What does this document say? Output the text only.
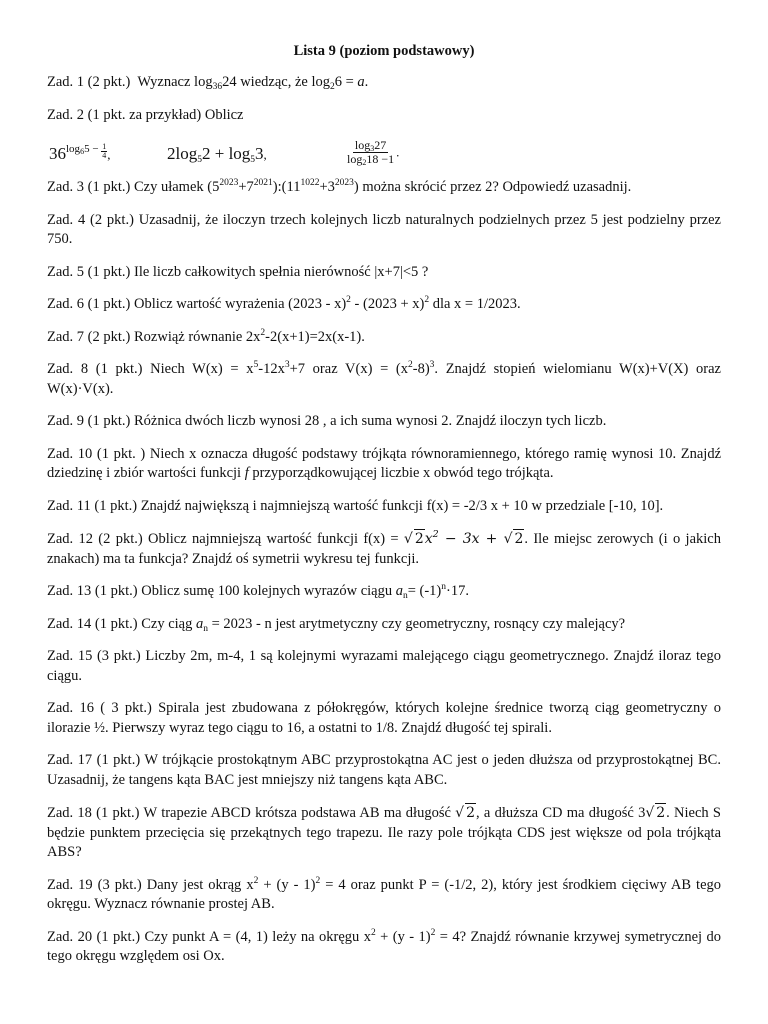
Lista 9 (poziom podstawowy)

Zad. 1 (2 pkt.) Wyznacz $\log_{36}24$ wiedząc, że $\log_26 = a$.

Zad. 2 (1 pkt. za przykład) Oblicz

$36^{log_65 - \frac{1}{4}}$ ,	$2\log_52 + \log_53$,	$\frac{\log_327}{\log_218 -1}$ .

Zad. 3 (1 pkt.) Czy ułamek $(5^{2023}+7^{2021}):(11^{1022}+3^{2023})$ można skrócić przez 2? Odpowiedź uzasadnij.

Zad. 4 (2 pkt.) Uzasadnij, że iloczyn trzech kolejnych liczb naturalnych podzielnych przez 5 jest podzielny przez 750.

Zad. 5 (1 pkt.) Ile liczb całkowitych spełnia nierówność |x+7|<5 ?

Zad. 6 (1 pkt.) Oblicz wartość wyrażenia $(2023 - x)^2 - (2023 + x)^2$ dla x = 1/2023.

Zad. 7 (2 pkt.) Rozwiąż równanie $2x^2-2(x+1)=2x(x-1)$.

Zad. 8 (1 pkt.) Niech $W(x) = x^5-12x^3+7$ oraz $V(x) = (x^2-8)^3$. Znajdź stopień wielomianu W(x)+V(X) oraz W(x)·V(x).

Zad. 9 (1 pkt.) Różnica dwóch liczb wynosi 28 , a ich suma wynosi 2. Znajdź iloczyn tych liczb.

Zad. 10 (1 pkt. ) Niech x oznacza długość podstawy trójkąta równoramiennego, którego ramię wynosi 10. Znajdź dziedzinę i zbiór wartości funkcji f przyporządkowującej liczbie x obwód tego trójkąta.

Zad. 11 (1 pkt.) Znajdź największą i najmniejszą wartość funkcji f(x) = -2/3 x + 10 w przedziale [-10, 10].

Zad. 12 (2 pkt.) Oblicz najmniejszą wartość funkcji f(x) = √ $2x^2 - 3x$ + √ 2. Ile miejsc zerowych (i o jakich znakach) ma ta funkcja? Znajdź oś symetrii wykresu tej funkcji.

Zad. 13 (1 pkt.) Oblicz sumę 100 kolejnych wyrazów ciągu $a_n= (-1)^n\cdot 17$.

Zad. 14 (1 pkt.) Czy ciąg $a_n = 2023 - n$ jest arytmetyczny czy geometryczny, rosnący czy malejący?

Zad. 15 (3 pkt.) Liczby 2m, m-4, 1 są kolejnymi wyrazami malejącego ciągu geometrycznego. Znajdź iloraz tego ciągu.

Zad. 16 ( 3 pkt.) Spirala jest zbudowana z półokręgów, których kolejne średnice tworzą ciąg geometryczny o ilorazie ½. Pierwszy wyraz tego ciągu to 16, a ostatni to 1/8. Znajdź długość tej spirali.

Zad. 17 (1 pkt.) W trójkącie prostokątnym ABC przyprostokątna AC jest o jeden dłuższa od przyprostokątnej BC. Uzasadnij, że tangens kąta BAC jest mniejszy niż tangens kąta ABC.

Zad. 18 (1 pkt.) W trapezie ABCD krótsza podstawa AB ma długość √ 2, a dłuższa CD ma długość 3√ 2. Niech S będzie punktem przecięcia się przekątnych tego trapezu. Ile razy pole trójkąta CDS jest większe od pola trójkąta ABS?

Zad. 19 (3 pkt.) Dany jest okrąg $x^2 + (y - 1)^2 = 4$ oraz punkt P = (-1/2, 2), który jest środkiem cięciwy AB tego okręgu. Wyznacz równanie prostej AB.

Zad. 20 (1 pkt.) Czy punkt A = (4, 1) leży na okręgu $x^2 + (y - 1)^2 = 4$? Znajdź równanie krzywej symetrycznej do tego okręgu względem osi Ox.
